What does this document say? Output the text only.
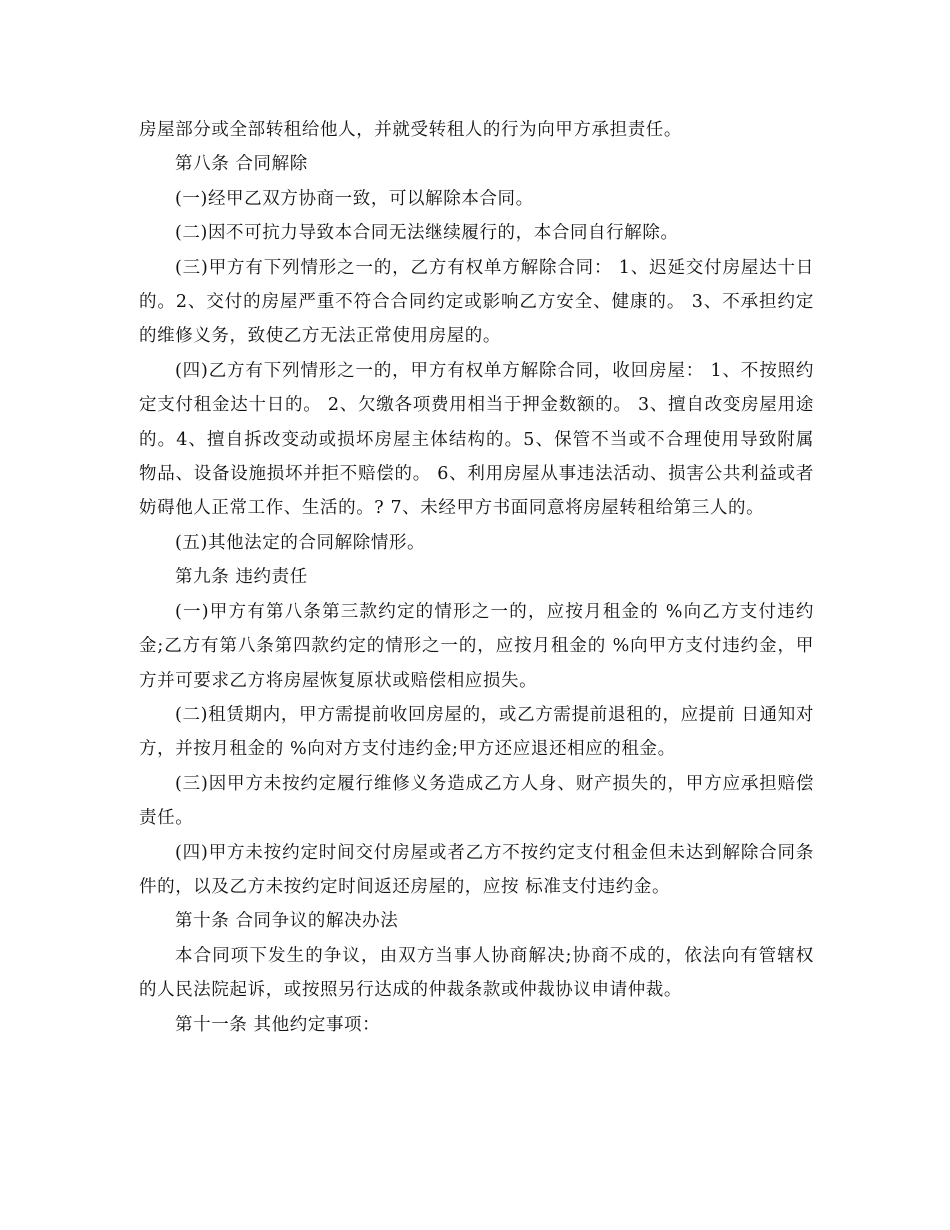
房屋部分或全部转租给他人，并就受转租人的行为向甲方承担责任。

第八条 合同解除

(一)经甲乙双方协商一致，可以解除本合同。

(二)因不可抗力导致本合同无法继续履行的，本合同自行解除。

(三)甲方有下列情形之一的，乙方有权单方解除合同： 1、迟延交付房屋达十日的。2、交付的房屋严重不符合合同约定或影响乙方安全、健康的。 3、不承担约定的维修义务，致使乙方无法正常使用房屋的。

(四)乙方有下列情形之一的，甲方有权单方解除合同，收回房屋： 1、不按照约定支付租金达十日的。 2、欠缴各项费用相当于押金数额的。 3、擅自改变房屋用途的。4、擅自拆改变动或损坏房屋主体结构的。5、保管不当或不合理使用导致附属物品、设备设施损坏并拒不赔偿的。 6、利用房屋从事违法活动、损害公共利益或者妨碍他人正常工作、生活的。? 7、未经甲方书面同意将房屋转租给第三人的。

(五)其他法定的合同解除情形。

第九条 违约责任

(一)甲方有第八条第三款约定的情形之一的，应按月租金的 %向乙方支付违约金;乙方有第八条第四款约定的情形之一的，应按月租金的 %向甲方支付违约金，甲方并可要求乙方将房屋恢复原状或赔偿相应损失。

(二)租赁期内，甲方需提前收回房屋的，或乙方需提前退租的，应提前 日通知对方，并按月租金的 %向对方支付违约金;甲方还应退还相应的租金。

(三)因甲方未按约定履行维修义务造成乙方人身、财产损失的，甲方应承担赔偿责任。

(四)甲方未按约定时间交付房屋或者乙方不按约定支付租金但未达到解除合同条件的，以及乙方未按约定时间返还房屋的，应按 标准支付违约金。

第十条 合同争议的解决办法

本合同项下发生的争议，由双方当事人协商解决;协商不成的，依法向有管辖权的人民法院起诉，或按照另行达成的仲裁条款或仲裁协议申请仲裁。

第十一条 其他约定事项：
